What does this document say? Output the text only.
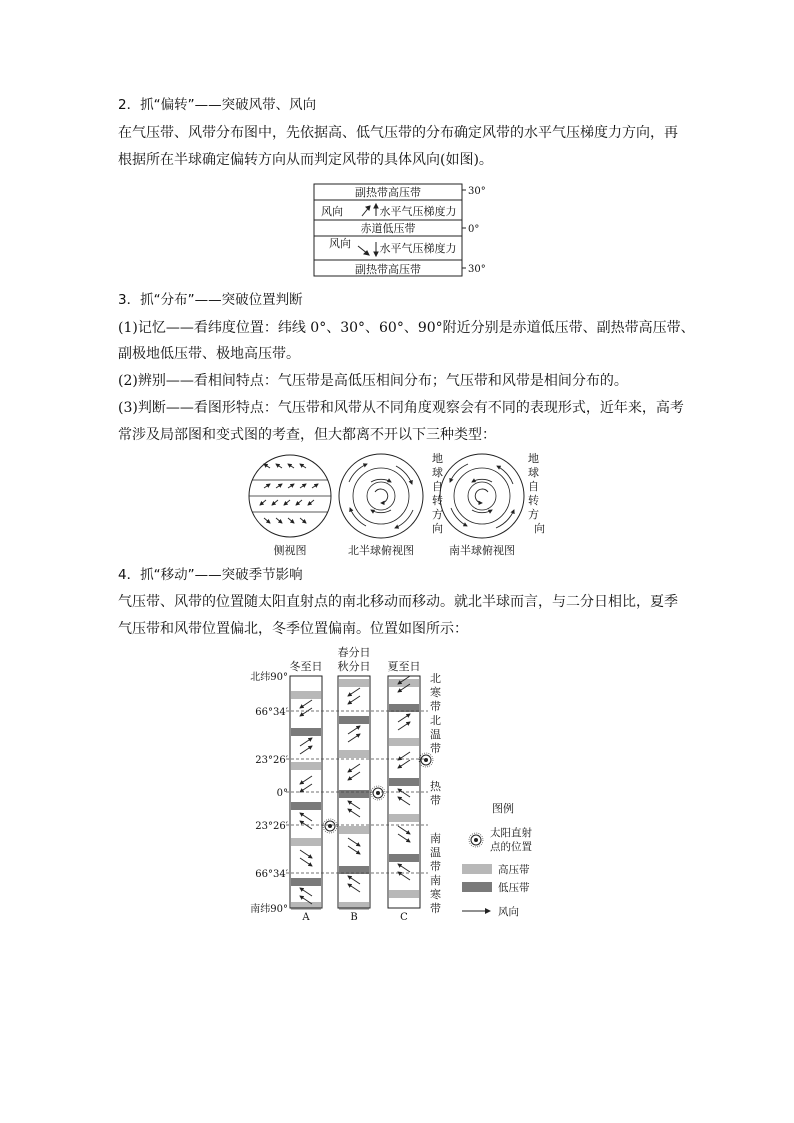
2．抓“偏转”——突破风带、风向
在气压带、风带分布图中，先依据高、低气压带的分布确定风带的水平气压梯度力方向，再
根据所在半球确定偏转方向从而判定风带的具体风向(如图)。
副热带高压带
风向	水平气压梯度力
赤道低压带
风向	水平气压梯度力
副热带高压带
30°
0°
30°
3．抓“分布”——突破位置判断
(1)记忆——看纬度位置：纬线 0°、30°、60°、90°附近分别是赤道低压带、副热带高压带、
副极地低压带、极地高压带。
(2)辨别——看相间特点：气压带是高低压相间分布；气压带和风带是相间分布的。
(3)判断——看图形特点：气压带和风带从不同角度观察会有不同的表现形式，近年来，高考
常涉及局部图和变式图的考查，但大都离不开以下三种类型：
地
球
自
转
方
向
地
球
自
转
方
向
侧视图	北半球俯视图	南半球俯视图
4．抓“移动”——突破季节影响
气压带、风带的位置随太阳直射点的南北移动而移动。就北半球而言，与二分日相比，夏季
气压带和风带位置偏北，冬季位置偏南。位置如图所示：
冬至日
春分日
秋分日 夏至日
北纬90°
66°34′
23°26′
0°
23°26′
66°34′
南纬90°
A	B	C
北
寒
带
北
温
带
热
带
南
温
带
南
寒
带
图例
太阳直射
点的位置
高压带
低压带
风向
